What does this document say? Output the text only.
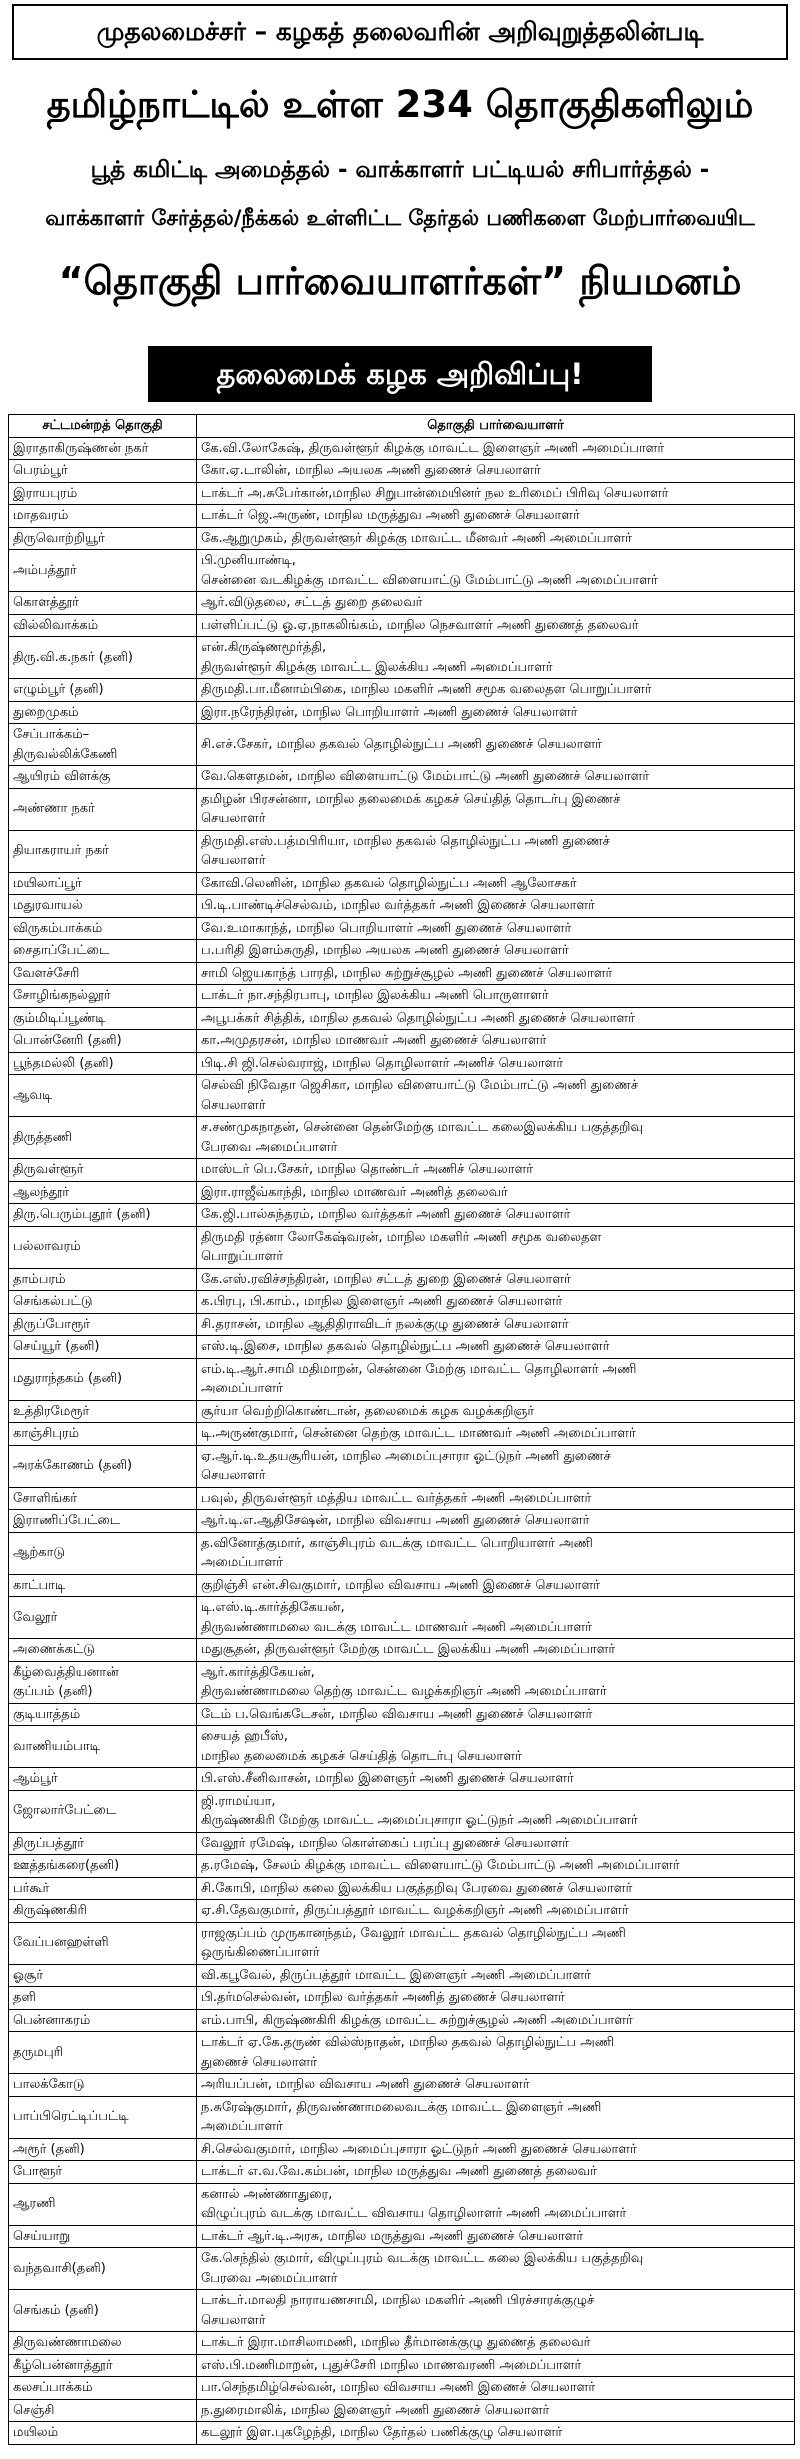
முதலமைச்சர் – கழகத் தலைவரின் அறிவுறுத்தலின்படி
தமிழ்நாட்டில் உள்ள 234 தொகுதிகளிலும்
பூத் கமிட்டி அமைத்தல் - வாக்காளர் பட்டியல் சரிபார்த்தல் -
வாக்காளர் சேர்த்தல்/நீக்கல் உள்ளிட்ட தேர்தல் பணிகளை மேற்பார்வையிட
“தொகுதி பார்வையாளர்கள்” நியமனம்
தலைமைக் கழக அறிவிப்பு!
சட்டமன்றத் தொகுதி	தொகுதி பார்வையாளர்
இராதாகிருஷ்ணன் நகர்	கே.வி.லோகேஷ், திருவள்ளூர் கிழக்கு மாவட்ட இளைஞர் அணி அமைப்பாளர்
பெரம்பூர்	கோ.ஏ.டாலின், மாநில அயலக அணி துணைச் செயலாளர்
இராயபுரம்	டாக்டர் அ.சுபேர்கான்,மாநில சிறுபான்மையினர் நல உரிமைப் பிரிவு செயலாளர்
மாதவரம்	டாக்டர் ஜெ.அருண், மாநில மருத்துவ அணி துணைச் செயலாளர்
திருவொற்றியூர்	கே.ஆறுமுகம், திருவள்ளூர் கிழக்கு மாவட்ட மீனவர் அணி அமைப்பாளர்
அம்பத்தூர்	பி.முனியாண்டி,
சென்னை வடகிழக்கு மாவட்ட விளையாட்டு மேம்பாட்டு அணி அமைப்பாளர்
கொளத்தூர்	ஆர்.விடுதலை, சட்டத் துறை தலைவர்
வில்லிவாக்கம்	பள்ளிப்பட்டு ஓ.ஏ.நாகலிங்கம், மாநில நெசவாளர் அணி துணைத் தலைவர்
திரு.வி.க.நகர் (தனி)	என்.கிருஷ்ணமூர்த்தி,
திருவள்ளூர் கிழக்கு மாவட்ட இலக்கிய அணி அமைப்பாளர்
எழும்பூர் (தனி)	திருமதி.பா.மீனாம்பிகை, மாநில மகளிர் அணி சமூக வலைதள பொறுப்பாளர்
துறைமுகம்	இரா.நரேந்திரன், மாநில பொறியாளர் அணி துணைச் செயலாளர்
சேப்பாக்கம்–
திருவல்லிக்கேணி	சி.எச்.சேகர், மாநில தகவல் தொழில்நுட்ப அணி துணைச் செயலாளர்
ஆயிரம் விளக்கு	வே.கௌதமன், மாநில விளையாட்டு மேம்பாட்டு அணி துணைச் செயலாளர்
அண்ணா நகர்	தமிழன் பிரசன்னா, மாநில தலைமைக் கழகச் செய்தித் தொடர்பு இணைச்
செயலாளர்
தியாகராயர் நகர்	திருமதி.எஸ்.பத்மபிரியா, மாநில தகவல் தொழில்நுட்ப அணி துணைச்
செயலாளர்
மயிலாப்பூர்	கோவி.லெனின், மாநில தகவல் தொழில்நுட்ப அணி ஆலோசகர்
மதுரவாயல்	பி.டி.பாண்டிச்செல்வம், மாநில வர்த்தகர் அணி இணைச் செயலாளர்
விருகம்பாக்கம்	வே.உமாகாந்த், மாநில பொறியாளர் அணி துணைச் செயலாளர்
சைதாப்பேட்டை	ப.பரிதி இளம்சுருதி, மாநில அயலக அணி துணைச் செயலாளர்
வேளச்சேரி	சாமி ஜெயகாந்த் பாரதி, மாநில சுற்றுச்சூழல் அணி துணைச் செயலாளர்
சோழிங்கநல்லூர்	டாக்டர் நா.சந்திரபாபு, மாநில இலக்கிய அணி பொருளாளர்
கும்மிடிப்பூண்டி	அபூபக்கர் சித்திக், மாநில தகவல் தொழில்நுட்ப அணி துணைச் செயலாளர்
பொன்னேரி (தனி)	கா.அமுதரசன், மாநில மாணவர் அணி துணைச் செயலாளர்
பூந்தமல்லி (தனி)	பிடி.சி ஜி.செல்வராஜ், மாநில தொழிலாளர் அணிச் செயலாளர்
ஆவடி	செல்வி நிவேதா ஜெசிகா, மாநில விளையாட்டு மேம்பாட்டு அணி துணைச்
செயலாளர்
திருத்தணி	ச.சண்முகநாதன், சென்னை தென்மேற்கு மாவட்ட கலைஇலக்கிய பகுத்தறிவு
பேரவை அமைப்பாளர்
திருவள்ளூர்	மாஸ்டர் பெ.சேகர், மாநில தொண்டர் அணிச் செயலாளர்
ஆலந்தூர்	இரா.ராஜீவ்காந்தி, மாநில மாணவர் அணித் தலைவர்
திரு.பெரும்புதூர் (தனி)	கே.ஜி.பால்சுந்தரம், மாநில வர்த்தகர் அணி துணைச் செயலாளர்
பல்லாவரம்	திருமதி ரத்னா லோகேஷ்வரன், மாநில மகளிர் அணி சமூக வலைதள
பொறுப்பாளர்
தாம்பரம்	கே.எஸ்.ரவிச்சந்திரன், மாநில சட்டத் துறை இணைச் செயலாளர்
செங்கல்பட்டு	க.பிரபு, பி.காம்., மாநில இளைஞர் அணி துணைச் செயலாளர்
திருப்போரூர்	சி.தராசன், மாநில ஆதிதிராவிடர் நலக்குழு துணைச் செயலாளர்
செய்யூர் (தனி)	எஸ்.டி.இசை, மாநில தகவல் தொழில்நுட்ப அணி துணைச் செயலாளர்
மதுராந்தகம் (தனி)	எம்.டி.ஆர்.சாமி மதிமாறன், சென்னை மேற்கு மாவட்ட தொழிலாளர் அணி
அமைப்பாளர்
உத்திரமேரூர்	சூர்யா வெற்றிகொண்டான், தலைமைக் கழக வழக்கறிஞர்
காஞ்சிபுரம்	டி.அருண்குமார், சென்னை தெற்கு மாவட்ட மாணவர் அணி அமைப்பாளர்
அரக்கோணம் (தனி)	ஏ.ஆர்.டி.உதயசூரியன், மாநில அமைப்புசாரா ஓட்டுநர் அணி துணைச்
செயலாளர்
சோளிங்கர்	பவுல், திருவள்ளூர் மத்திய மாவட்ட வர்த்தகர் அணி அமைப்பாளர்
இராணிப்பேட்டை	ஆர்.டி.எ.ஆதிசேஷன், மாநில விவசாய அணி துணைச் செயலாளர்
ஆற்காடு	த.வினோத்குமார், காஞ்சிபுரம் வடக்கு மாவட்ட பொறியாளர் அணி
அமைப்பாளர்
காட்பாடி	குறிஞ்சி என்.சிவகுமார், மாநில விவசாய அணி இணைச் செயலாளர்
வேலூர்	டி.எஸ்.டி.கார்த்திகேயன்,
திருவண்ணாமலை வடக்கு மாவட்ட மாணவர் அணி அமைப்பாளர்
அணைக்கட்டு	மதுசூதன், திருவள்ளூர் மேற்கு மாவட்ட இலக்கிய அணி அமைப்பாளர்
கீழ்வைத்தியனான்
குப்பம் (தனி)	ஆர்.கார்த்திகேயன்,
திருவண்ணாமலை தெற்கு மாவட்ட வழக்கறிஞர் அணி அமைப்பாளர்
குடியாத்தம்	டேம் ப.வெங்கடேசன், மாநில விவசாய அணி துணைச் செயலாளர்
வாணியம்பாடி	சையத் ஹபீஸ்,
மாநில தலைமைக் கழகச் செய்தித் தொடர்பு செயலாளர்
ஆம்பூர்	பி.எஸ்.சீனிவாசன், மாநில இளைஞர் அணி துணைச் செயலாளர்
ஜோலார்பேட்டை	ஜி.ராமய்யா,
கிருஷ்ணகிரி மேற்கு மாவட்ட அமைப்புசாரா ஓட்டுநர் அணி அமைப்பாளர்
திருப்பத்தூர்	வேலூர் ரமேஷ், மாநில கொள்கைப் பரப்பு துணைச் செயலாளர்
ஊத்தங்கரை(தனி)	த.ரமேஷ், சேலம் கிழக்கு மாவட்ட விளையாட்டு மேம்பாட்டு அணி அமைப்பாளர்
பர்கூர்	சி.கோபி, மாநில கலை இலக்கிய பகுத்தறிவு பேரவை துணைச் செயலாளர்
கிருஷ்ணகிரி	ஏ.சி.தேவகுமார், திருப்பத்தூர் மாவட்ட வழக்கறிஞர் அணி அமைப்பாளர்
வேப்பனஹள்ளி	ராஜகுப்பம் முருகானந்தம், வேலூர் மாவட்ட தகவல் தொழில்நுட்ப அணி
ஒருங்கிணைப்பாளர்
ஓசூர்	வி.கபூவேல், திருப்பத்தூர் மாவட்ட இளைஞர் அணி அமைப்பாளர்
தளி	பி.தர்மசெல்வன், மாநில வர்த்தகர் அணித் துணைச் செயலாளர்
பென்னாகரம்	எம்.பாபி, கிருஷ்ணகிரி கிழக்கு மாவட்ட சுற்றுச்சூழல் அணி அமைப்பாளர்
தருமபுரி	டாக்டர் ஏ.கே.தருண் வில்ஸ்நாதன், மாநில தகவல் தொழில்நுட்ப அணி
துணைச் செயலாளர்
பாலக்கோடு	அரியப்பன், மாநில விவசாய அணி துணைச் செயலாளர்
பாப்பிரெட்டிப்பட்டி	ந.சுரேஷ்குமார், திருவண்ணாமலைவடக்கு மாவட்ட இளைஞர் அணி
அமைப்பாளர்
அரூர் (தனி)	சி.செல்வகுமார், மாநில அமைப்புசாரா ஓட்டுநர் அணி துணைச் செயலாளர்
போளூர்	டாக்டர் எ.வ.வே.கம்பன், மாநில மருத்துவ அணி துணைத் தலைவர்
ஆரணி	கனால் அண்ணாதுரை,
விழுப்புரம் வடக்கு மாவட்ட விவசாய தொழிலாளர் அணி அமைப்பாளர்
செய்யாறு	டாக்டர் ஆர்.டி.அரசு, மாநில மருத்துவ அணி துணைச் செயலாளர்
வந்தவாசி(தனி)	கே.செந்தில் குமார், விழுப்புரம் வடக்கு மாவட்ட கலை இலக்கிய பகுத்தறிவு
பேரவை அமைப்பாளர்
செங்கம் (தனி)	டாக்டர்.மாலதி நாராயணசாமி, மாநில மகளிர் அணி பிரச்சாரக்குழுச்
செயலாளர்
திருவண்ணாமலை	டாக்டர் இரா.மாசிலாமணி, மாநில தீர்மானக்குழு துணைத் தலைவர்
கீழ்பென்னாத்தூர்	எஸ்.பி.மணிமாறன், புதுச்சேரி மாநில மாணவரணி அமைப்பாளர்
கலசப்பாக்கம்	பா.செந்தமிழ்செல்வன், மாநில விவசாய அணி இணைச் செயலாளர்
செஞ்சி	ந.துரைமாலிக், மாநில இளைஞர் அணி துணைச் செயலாளர்
மயிலம்	கடலூர் இள.புகழேந்தி, மாநில தேர்தல் பணிக்குழு செயலாளர்
